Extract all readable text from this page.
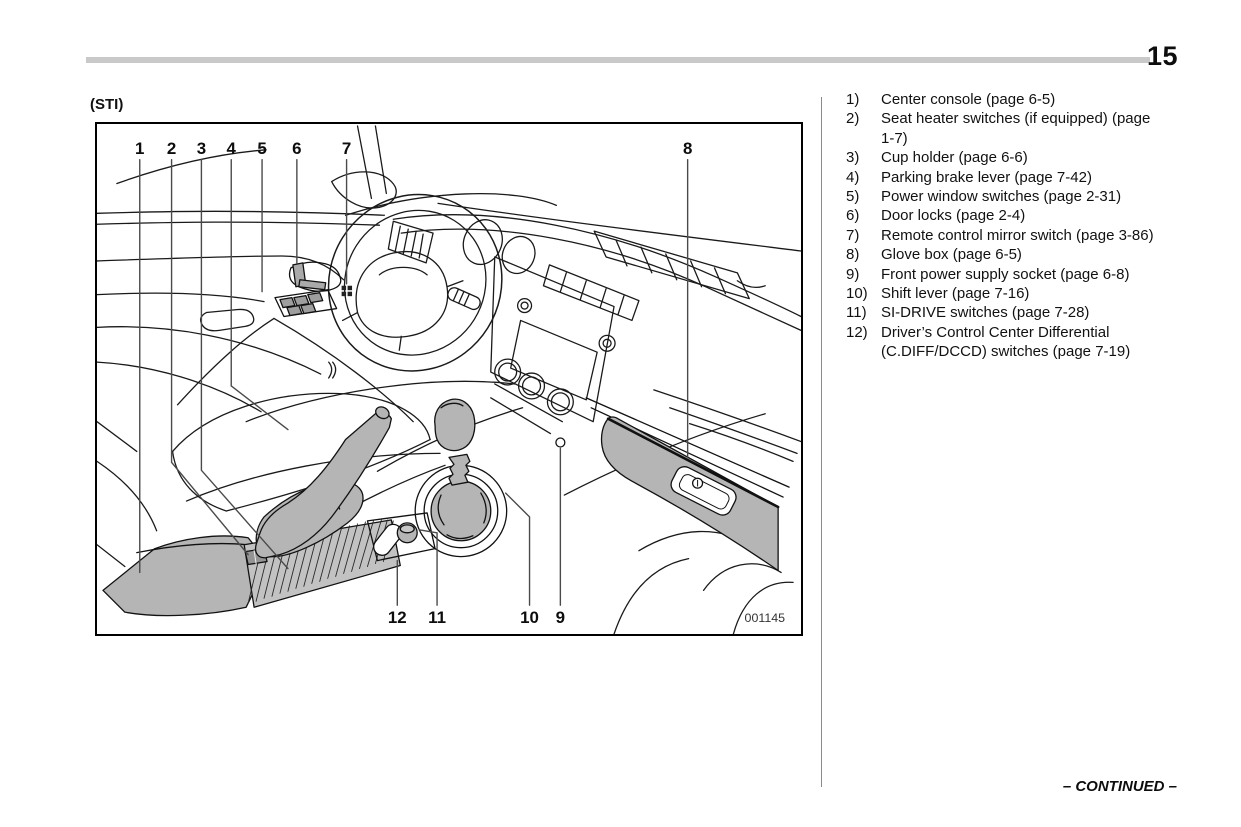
15
(STI)
1 2 3 4 5 6 7	8
12 11	10 9	001145
1)	Center console (page 6-5)
2)	Seat heater switches (if equipped) (page
1-7)
3)	Cup holder (page 6-6)
4)	Parking brake lever (page 7-42)
5)	Power window switches (page 2-31)
6)	Door locks (page 2-4)
7)	Remote control mirror switch (page 3-86)
8)	Glove box (page 6-5)
9)	Front power supply socket (page 6-8)
10) Shift lever (page 7-16)
11) SI-DRIVE switches (page 7-28)
12) Driver’s Control Center Differential
(C.DIFF/DCCD) switches (page 7-19)
– CONTINUED –
